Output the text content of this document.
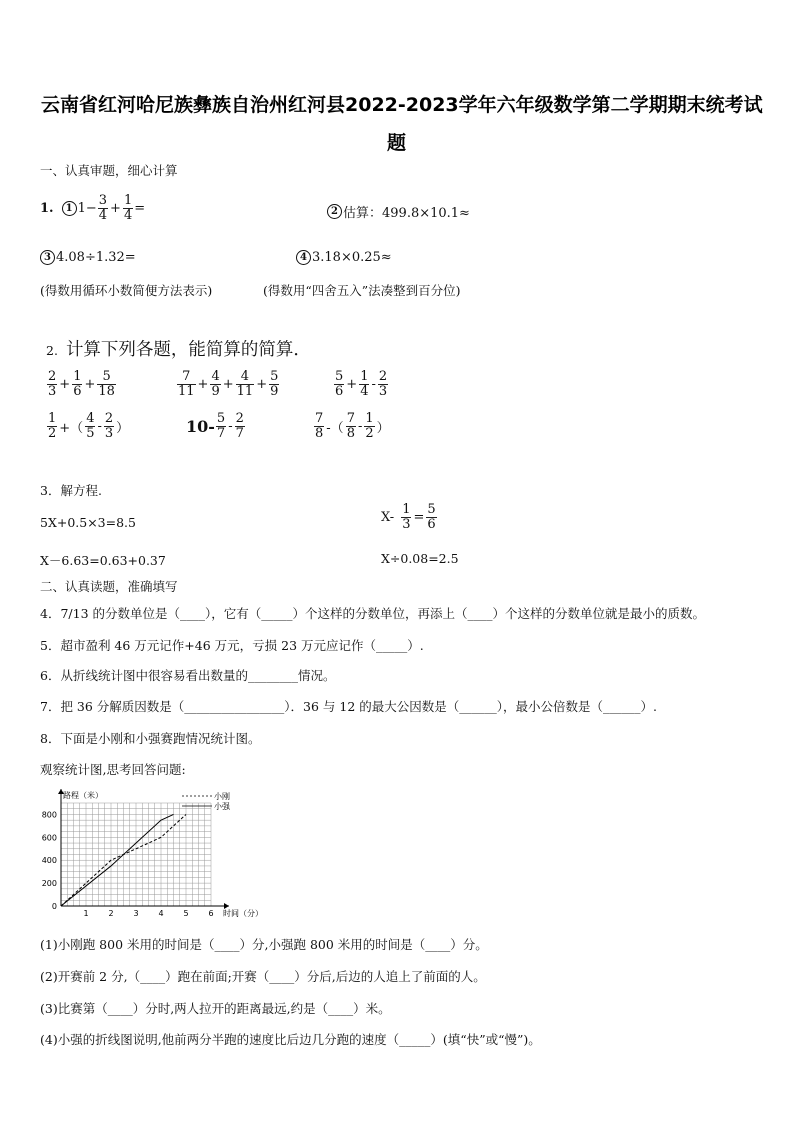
云南省红河哈尼族彝族自治州红河县2022-2023学年六年级数学第二学期期末统考试
题
一、认真审题，细心计算
1.	1 $1- \frac{3}{4} + \frac{1}{4}$ =	2 估算：499.8×10.1≈
3 4.08÷1.32=	4 3.18×0.25≈
(得数用循环小数简便方法表示)	(得数用“四舍五入”法凑整到百分位)
2. 计算下列各题，能简算的简算．
$\frac{2}{3} + \frac{1}{6} + \frac{5}{18}$	$\frac{7}{11} + \frac{4}{9} + \frac{4}{11} + \frac{5}{9}$	$\frac{5}{6} + \frac{1}{4} - \frac{2}{3}$
$\frac{1}{2}$ +（ $\frac{4}{5} - \frac{2}{3}$ ）	$10- \frac{5}{7} - \frac{2}{7}$	$\frac{7}{8}$ -（ $\frac{7}{8} - \frac{1}{2}$ ）
3．解方程.
5X+0.5×3=8.5	$X- \frac{1}{3} = \frac{5}{6}$
X－6.63=0.63+0.37	X÷0.08=2.5
二、认真读题，准确填写
4．7/13 的分数单位是（____），它有（_____）个这样的分数单位，再添上（____）个这样的分数单位就是最小的质数。
5．超市盈利 46 万元记作+46 万元，亏损 23 万元应记作（_____）.
6．从折线统计图中很容易看出数量的________情况。
7．把 36 分解质因数是（________________）．36 与 12 的最大公因数是（______），最小公倍数是（______）.
8．下面是小刚和小强赛跑情况统计图。
观察统计图,思考回答问题:
0
200
400
600
800
1 2 3 4 5 6
路程（米）
时间（分）
小刚
小强
(1)小刚跑 800 米用的时间是（____）分,小强跑 800 米用的时间是（____）分。
(2)开赛前 2 分,（____）跑在前面;开赛（____）分后,后边的人追上了前面的人。
(3)比赛第（____）分时,两人拉开的距离最远,约是（____）米。
(4)小强的折线图说明,他前两分半跑的速度比后边几分跑的速度（_____）(填“快”或“慢”)。
